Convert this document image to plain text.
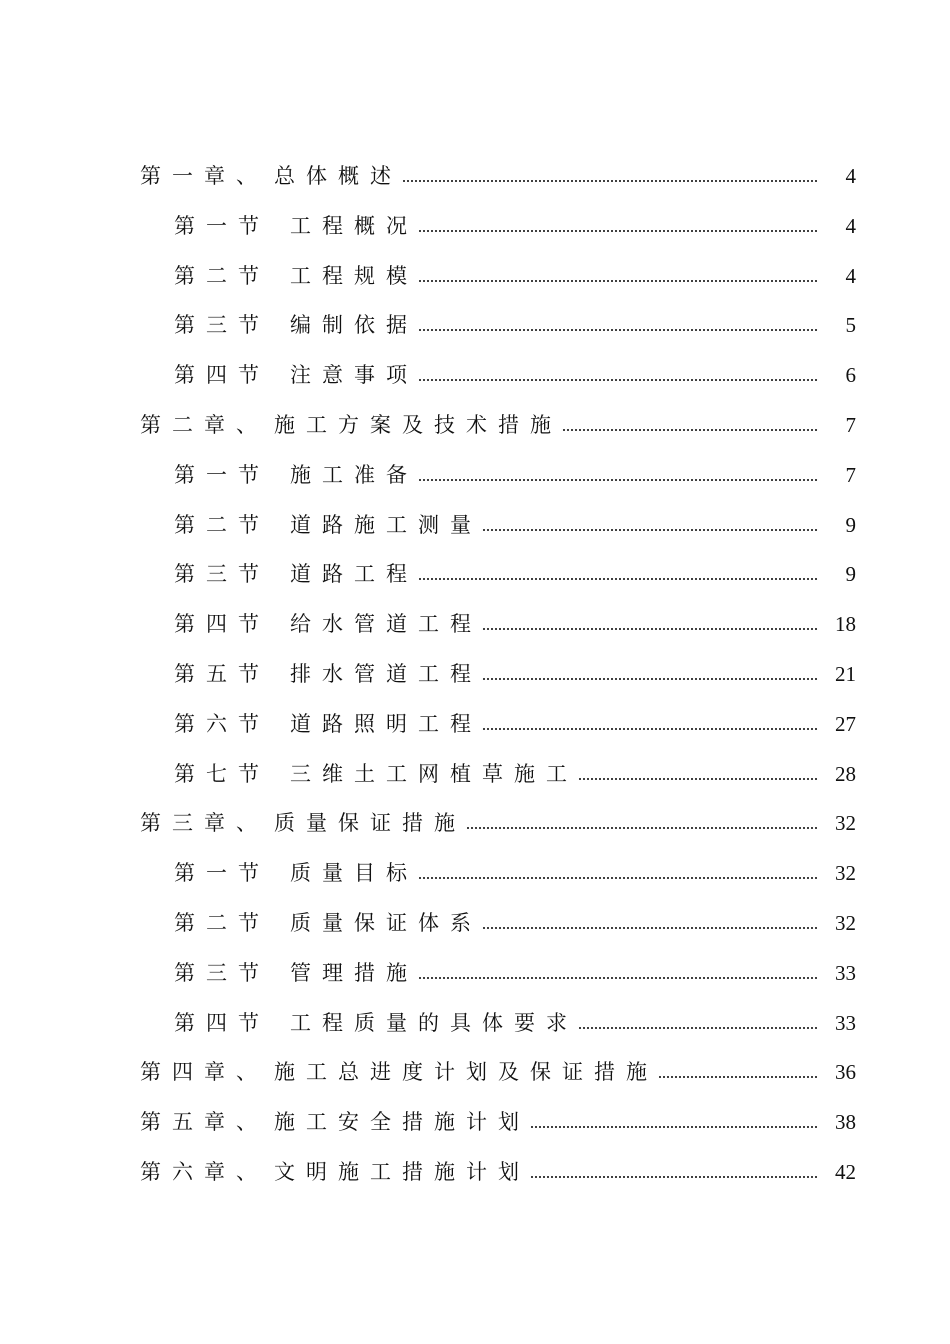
第一章、 总体概述	4
第一节 工程概况	4
第二节 工程规模	4
第三节 编制依据	5
第四节 注意事项	6
第二章、 施工方案及技术措施	7
第一节 施工准备	7
第二节 道路施工测量	9
第三节 道路工程	9
第四节 给水管道工程	18
第五节 排水管道工程	21
第六节 道路照明工程	27
第七节 三维土工网植草施工	28
第三章、 质量保证措施	32
第一节 质量目标	32
第二节 质量保证体系	32
第三节 管理措施	33
第四节 工程质量的具体要求	33
第四章、 施工总进度计划及保证措施	36
第五章、 施工安全措施计划	38
第六章、 文明施工措施计划	42
